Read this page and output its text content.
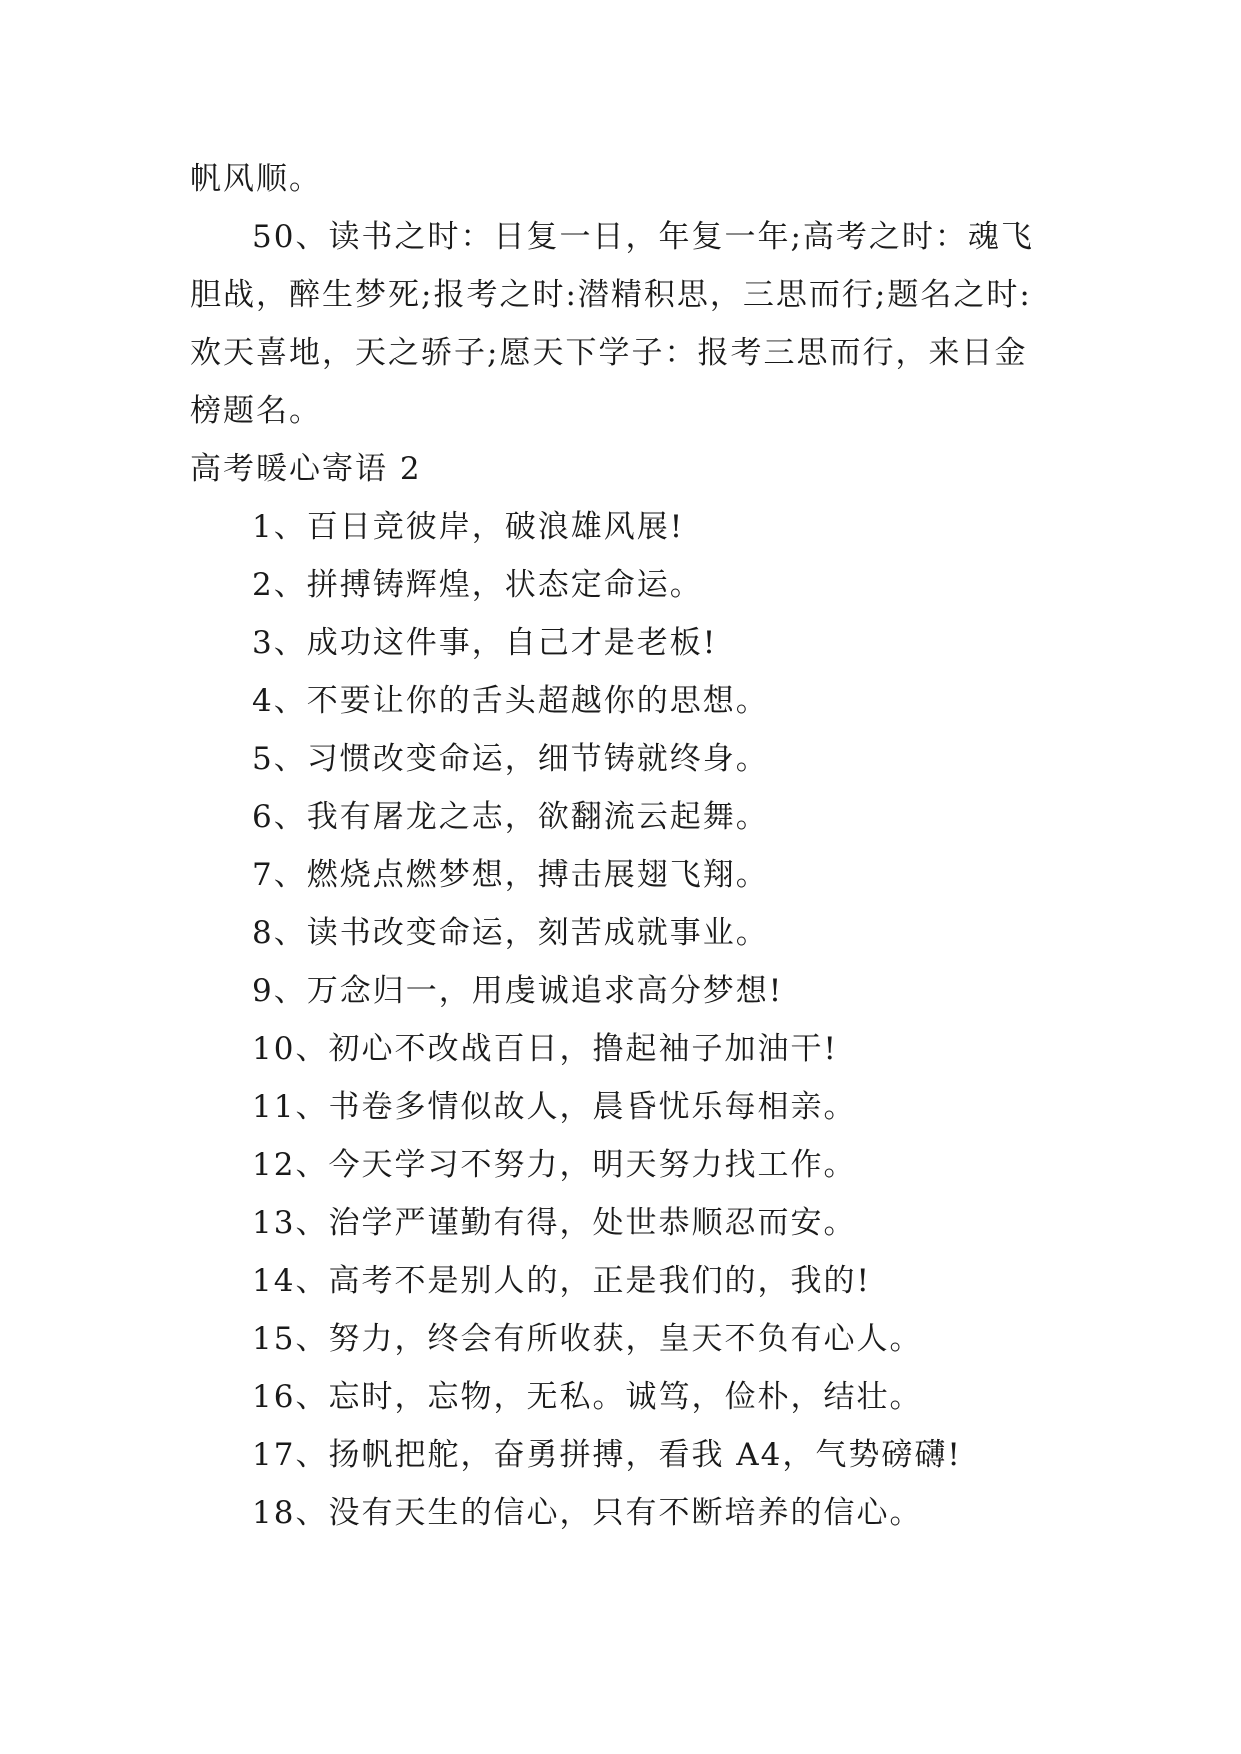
帆风顺。
50、读书之时：日复一日，年复一年;高考之时：魂飞
胆战，醉生梦死;报考之时:潜精积思，三思而行;题名之时:
欢天喜地，天之骄子;愿天下学子：报考三思而行，来日金
榜题名。
高考暖心寄语 2
1、百日竞彼岸，破浪雄风展!
2、拼搏铸辉煌，状态定命运。
3、成功这件事，自己才是老板!
4、不要让你的舌头超越你的思想。
5、习惯改变命运，细节铸就终身。
6、我有屠龙之志，欲翻流云起舞。
7、燃烧点燃梦想，搏击展翅飞翔。
8、读书改变命运，刻苦成就事业。
9、万念归一，用虔诚追求高分梦想!
10、初心不改战百日，撸起袖子加油干!
11、书卷多情似故人，晨昏忧乐每相亲。
12、今天学习不努力，明天努力找工作。
13、治学严谨勤有得，处世恭顺忍而安。
14、高考不是别人的，正是我们的，我的!
15、努力，终会有所收获，皇天不负有心人。
16、忘时，忘物，无私。诚笃，俭朴，结壮。
17、扬帆把舵，奋勇拼搏，看我 A4，气势磅礴!
18、没有天生的信心，只有不断培养的信心。
